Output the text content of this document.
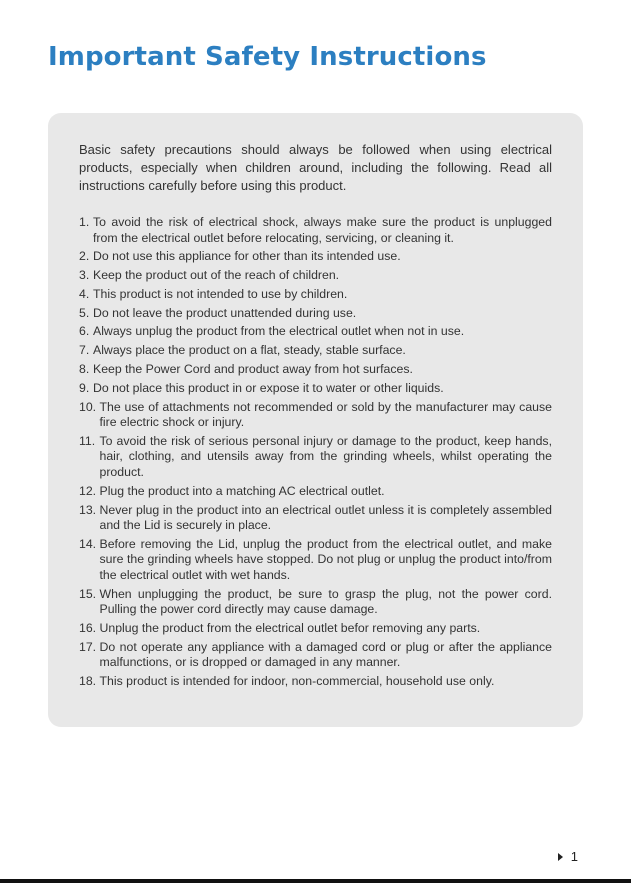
Important Safety Instructions

Basic safety precautions should always be followed when using electrical products, especially when children around, including the following. Read all instructions carefully before using this product.

1. To avoid the risk of electrical shock, always make sure the product is unplugged from the electrical outlet before relocating, servicing, or cleaning it.
2. Do not use this appliance for other than its intended use.
3. Keep the product out of the reach of children.
4. This product is not intended to use by children.
5. Do not leave the product unattended during use.
6. Always unplug the product from the electrical outlet when not in use.
7. Always place the product on a flat, steady, stable surface.
8. Keep the Power Cord and product away from hot surfaces.
9. Do not place this product in or expose it to water or other liquids.
10. The use of attachments not recommended or sold by the manufacturer may cause fire electric shock or injury.
11. To avoid the risk of serious personal injury or damage to the product, keep hands, hair, clothing, and utensils away from the grinding wheels, whilst operating the product.
12. Plug the product into a matching AC electrical outlet.
13. Never plug in the product into an electrical outlet unless it is completely assembled and the Lid is securely in place.
14. Before removing the Lid, unplug the product from the electrical outlet, and make sure the grinding wheels have stopped. Do not plug or unplug the product into/from the electrical outlet with wet hands.
15. When unplugging the product, be sure to grasp the plug, not the power cord. Pulling the power cord directly may cause damage.
16. Unplug the product from the electrical outlet befor removing any parts.
17. Do not operate any appliance with a damaged cord or plug or after the appliance malfunctions, or is dropped or damaged in any manner.
18. This product is intended for indoor, non-commercial, household use only.
1
